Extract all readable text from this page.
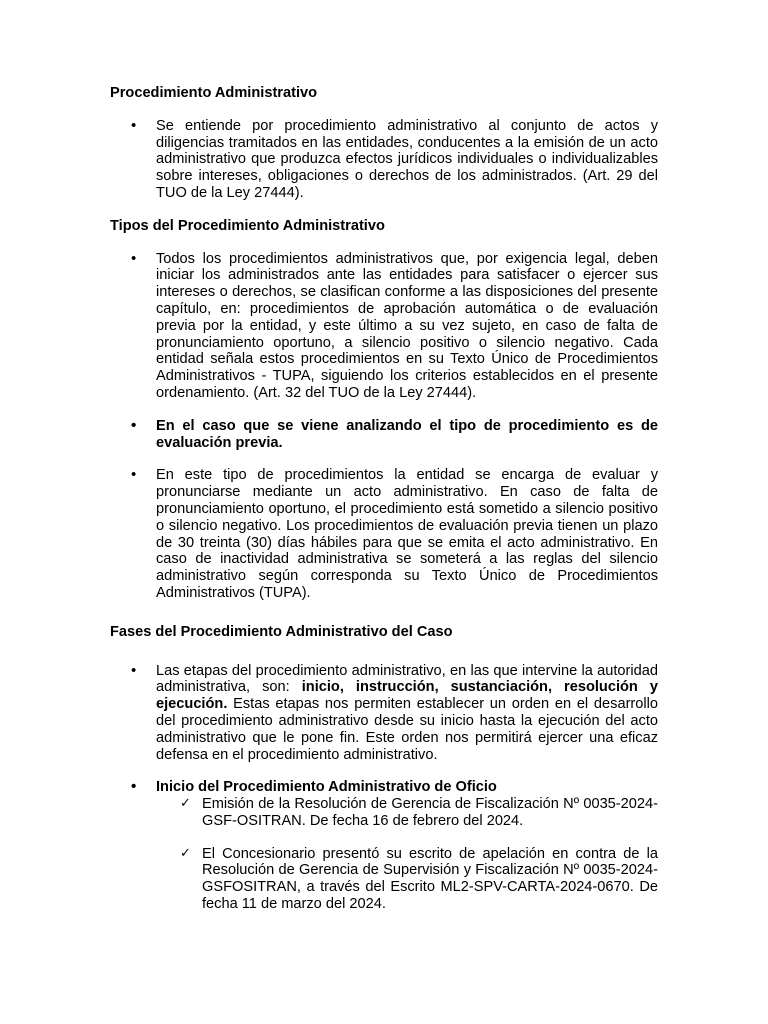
Procedimiento Administrativo

• Se entiende por procedimiento administrativo al conjunto de actos y diligencias tramitados en las entidades, conducentes a la emisión de un acto administrativo que produzca efectos jurídicos individuales o individualizables sobre intereses, obligaciones o derechos de los administrados. (Art. 29 del TUO de la Ley 27444).

Tipos del Procedimiento Administrativo

• Todos los procedimientos administrativos que, por exigencia legal, deben iniciar los administrados ante las entidades para satisfacer o ejercer sus intereses o derechos, se clasifican conforme a las disposiciones del presente capítulo, en: procedimientos de aprobación automática o de evaluación previa por la entidad, y este último a su vez sujeto, en caso de falta de pronunciamiento oportuno, a silencio positivo o silencio negativo. Cada entidad señala estos procedimientos en su Texto Único de Procedimientos Administrativos - TUPA, siguiendo los criterios establecidos en el presente ordenamiento. (Art. 32 del TUO de la Ley 27444).
• En el caso que se viene analizando el tipo de procedimiento es de evaluación previa.
• En este tipo de procedimientos la entidad se encarga de evaluar y pronunciarse mediante un acto administrativo. En caso de falta de pronunciamiento oportuno, el procedimiento está sometido a silencio positivo o silencio negativo. Los procedimientos de evaluación previa tienen un plazo de 30 treinta (30) días hábiles para que se emita el acto administrativo. En caso de inactividad administrativa se someterá a las reglas del silencio administrativo según corresponda su Texto Único de Procedimientos Administrativos (TUPA).

Fases del Procedimiento Administrativo del Caso

• Las etapas del procedimiento administrativo, en las que intervine la autoridad administrativa, son: inicio, instrucción, sustanciación, resolución y ejecución. Estas etapas nos permiten establecer un orden en el desarrollo del procedimiento administrativo desde su inicio hasta la ejecución del acto administrativo que le pone fin. Este orden nos permitirá ejercer una eficaz defensa en el procedimiento administrativo.
• Inicio del Procedimiento Administrativo de Oficio
✓ Emisión de la Resolución de Gerencia de Fiscalización Nº 0035-2024-GSF-OSITRAN. De fecha 16 de febrero del 2024.
✓ El Concesionario presentó su escrito de apelación en contra de la Resolución de Gerencia de Supervisión y Fiscalización Nº 0035-2024-GSFOSITRAN, a través del Escrito ML2-SPV-CARTA-2024-0670. De fecha 11 de marzo del 2024.
